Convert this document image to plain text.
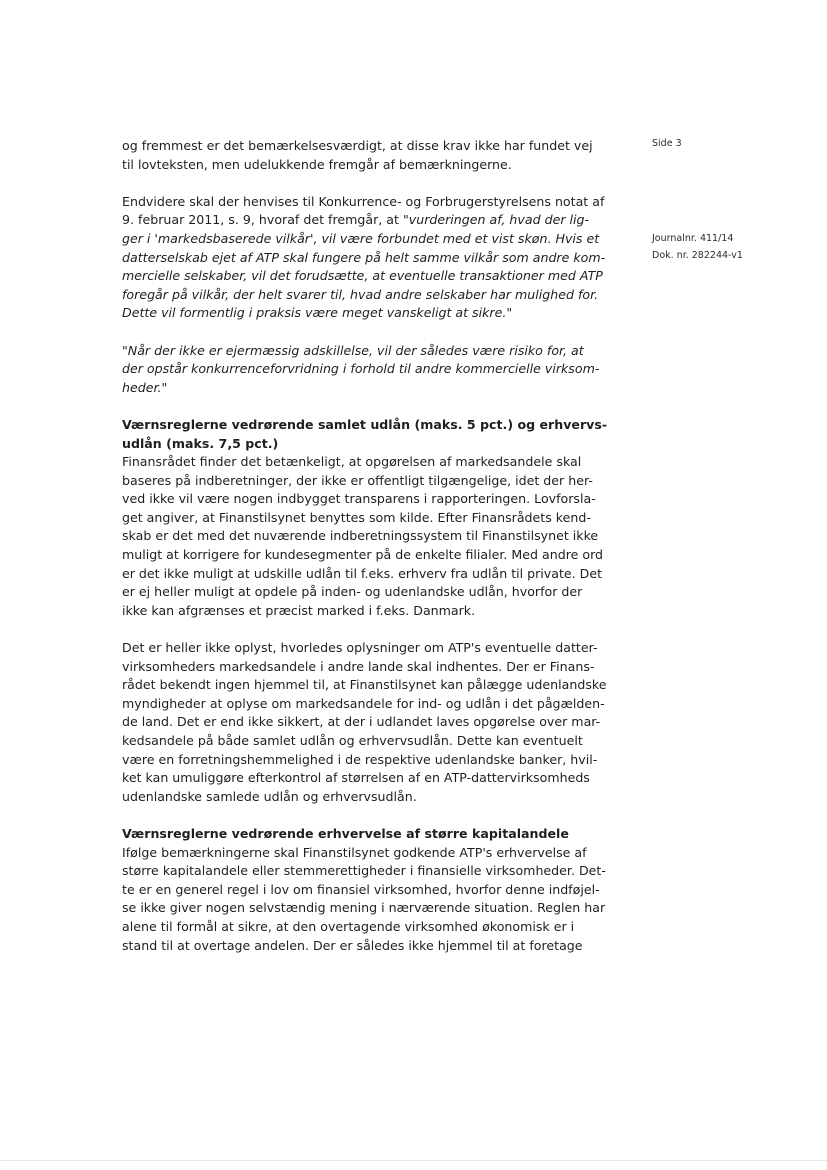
Side 3
Journalnr. 411/14
Dok. nr. 282244-v1

og fremmest er det bemærkelsesværdigt, at disse krav ikke har fundet vej

til lovteksten, men udelukkende fremgår af bemærkningerne.

Endvidere skal der henvises til Konkurrence- og Forbrugerstyrelsens notat af

9. februar 2011, s. 9, hvoraf det fremgår, at "vurderingen af, hvad der lig-

ger i 'markedsbaserede vilkår', vil være forbundet med et vist skøn. Hvis et

datterselskab ejet af ATP skal fungere på helt samme vilkår som andre kom-

mercielle selskaber, vil det forudsætte, at eventuelle transaktioner med ATP

foregår på vilkår, der helt svarer til, hvad andre selskaber har mulighed for.

Dette vil formentlig i praksis være meget vanskeligt at sikre."

"Når der ikke er ejermæssig adskillelse, vil der således være risiko for, at

der opstår konkurrenceforvridning i forhold til andre kommercielle virksom-

heder."

Værnsreglerne vedrørende samlet udlån (maks. 5 pct.) og erhvervs-
udlån (maks. 7,5 pct.)

Finansrådet finder det betænkeligt, at opgørelsen af markedsandele skal

baseres på indberetninger, der ikke er offentligt tilgængelige, idet der her-

ved ikke vil være nogen indbygget transparens i rapporteringen. Lovforsla-

get angiver, at Finanstilsynet benyttes som kilde. Efter Finansrådets kend-

skab er det med det nuværende indberetningssystem til Finanstilsynet ikke

muligt at korrigere for kundesegmenter på de enkelte filialer. Med andre ord

er det ikke muligt at udskille udlån til f.eks. erhverv fra udlån til private. Det

er ej heller muligt at opdele på inden- og udenlandske udlån, hvorfor der

ikke kan afgrænses et præcist marked i f.eks. Danmark.

Det er heller ikke oplyst, hvorledes oplysninger om ATP's eventuelle datter-

virksomheders markedsandele i andre lande skal indhentes. Der er Finans-

rådet bekendt ingen hjemmel til, at Finanstilsynet kan pålægge udenlandske

myndigheder at oplyse om markedsandele for ind- og udlån i det pågælden-

de land. Det er end ikke sikkert, at der i udlandet laves opgørelse over mar-

kedsandele på både samlet udlån og erhvervsudlån. Dette kan eventuelt

være en forretningshemmelighed i de respektive udenlandske banker, hvil-

ket kan umuliggøre efterkontrol af størrelsen af en ATP-dattervirksomheds

udenlandske samlede udlån og erhvervsudlån.

Værnsreglerne vedrørende erhvervelse af større kapitalandele

Ifølge bemærkningerne skal Finanstilsynet godkende ATP's erhvervelse af

større kapitalandele eller stemmerettigheder i finansielle virksomheder. Det-

te er en generel regel i lov om finansiel virksomhed, hvorfor denne indføjel-

se ikke giver nogen selvstændig mening i nærværende situation. Reglen har

alene til formål at sikre, at den overtagende virksomhed økonomisk er i

stand til at overtage andelen. Der er således ikke hjemmel til at foretage
